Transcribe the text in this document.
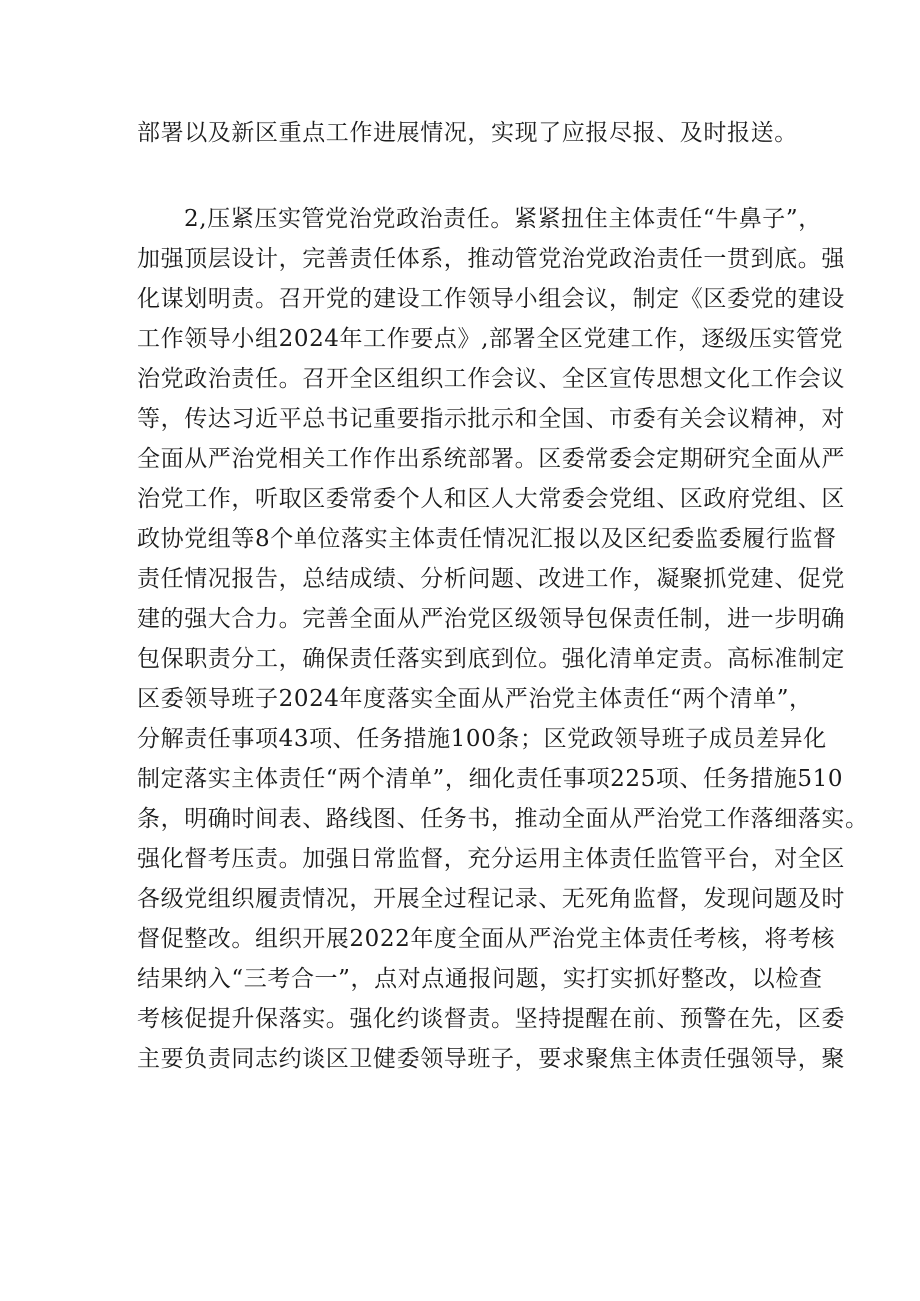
部署以及新区重点工作进展情况，实现了应报尽报、及时报送。

2,压紧压实管党治党政治责任。紧紧扭住主体责任“牛鼻子”，

加强顶层设计，完善责任体系，推动管党治党政治责任一贯到底。强

化谋划明责。召开党的建设工作领导小组会议，制定《区委党的建设

工作领导小组2024年工作要点》,部署全区党建工作，逐级压实管党

治党政治责任。召开全区组织工作会议、全区宣传思想文化工作会议

等，传达习近平总书记重要指示批示和全国、市委有关会议精神，对

全面从严治党相关工作作出系统部署。区委常委会定期研究全面从严

治党工作，听取区委常委个人和区人大常委会党组、区政府党组、区

政协党组等8个单位落实主体责任情况汇报以及区纪委监委履行监督

责任情况报告，总结成绩、分析问题、改进工作，凝聚抓党建、促党

建的强大合力。完善全面从严治党区级领导包保责任制，进一步明确

包保职责分工，确保责任落实到底到位。强化清单定责。高标准制定

区委领导班子2024年度落实全面从严治党主体责任“两个清单”，

分解责任事项43项、任务措施100条；区党政领导班子成员差异化

制定落实主体责任“两个清单”，细化责任事项225项、任务措施510

条，明确时间表、路线图、任务书，推动全面从严治党工作落细落实。

强化督考压责。加强日常监督，充分运用主体责任监管平台，对全区

各级党组织履责情况，开展全过程记录、无死角监督，发现问题及时

督促整改。组织开展2022年度全面从严治党主体责任考核，将考核

结果纳入“三考合一”，点对点通报问题，实打实抓好整改，以检查

考核促提升保落实。强化约谈督责。坚持提醒在前、预警在先，区委

主要负责同志约谈区卫健委领导班子，要求聚焦主体责任强领导，聚
